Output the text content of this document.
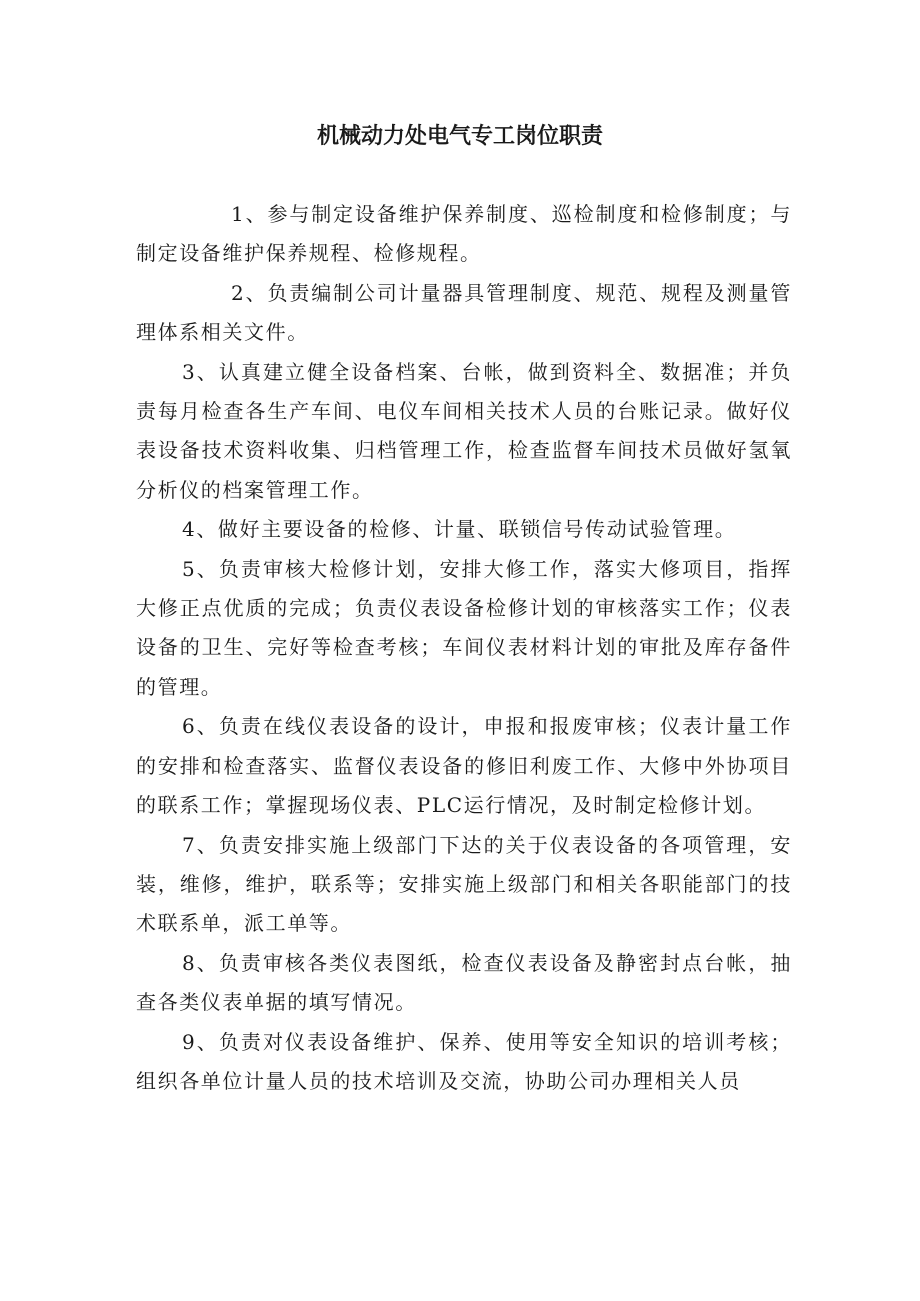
机械动力处电气专工岗位职责

1、参与制定设备维护保养制度、巡检制度和检修制度；与制定设备维护保养规程、检修规程。

2、负责编制公司计量器具管理制度、规范、规程及测量管理体系相关文件。

3、认真建立健全设备档案、台帐，做到资料全、数据准；并负责每月检查各生产车间、电仪车间相关技术人员的台账记录。做好仪表设备技术资料收集、归档管理工作，检查监督车间技术员做好氢氧分析仪的档案管理工作。

4、做好主要设备的检修、计量、联锁信号传动试验管理。

5、负责审核大检修计划，安排大修工作，落实大修项目，指挥大修正点优质的完成；负责仪表设备检修计划的审核落实工作；仪表设备的卫生、完好等检查考核；车间仪表材料计划的审批及库存备件的管理。

6、负责在线仪表设备的设计，申报和报废审核；仪表计量工作的安排和检查落实、监督仪表设备的修旧利废工作、大修中外协项目的联系工作；掌握现场仪表、PLC运行情况，及时制定检修计划。

7、负责安排实施上级部门下达的关于仪表设备的各项管理，安装，维修，维护，联系等；安排实施上级部门和相关各职能部门的技术联系单，派工单等。

8、负责审核各类仪表图纸，检查仪表设备及静密封点台帐，抽查各类仪表单据的填写情况。

9、负责对仪表设备维护、保养、使用等安全知识的培训考核；组织各单位计量人员的技术培训及交流，协助公司办理相关人员
